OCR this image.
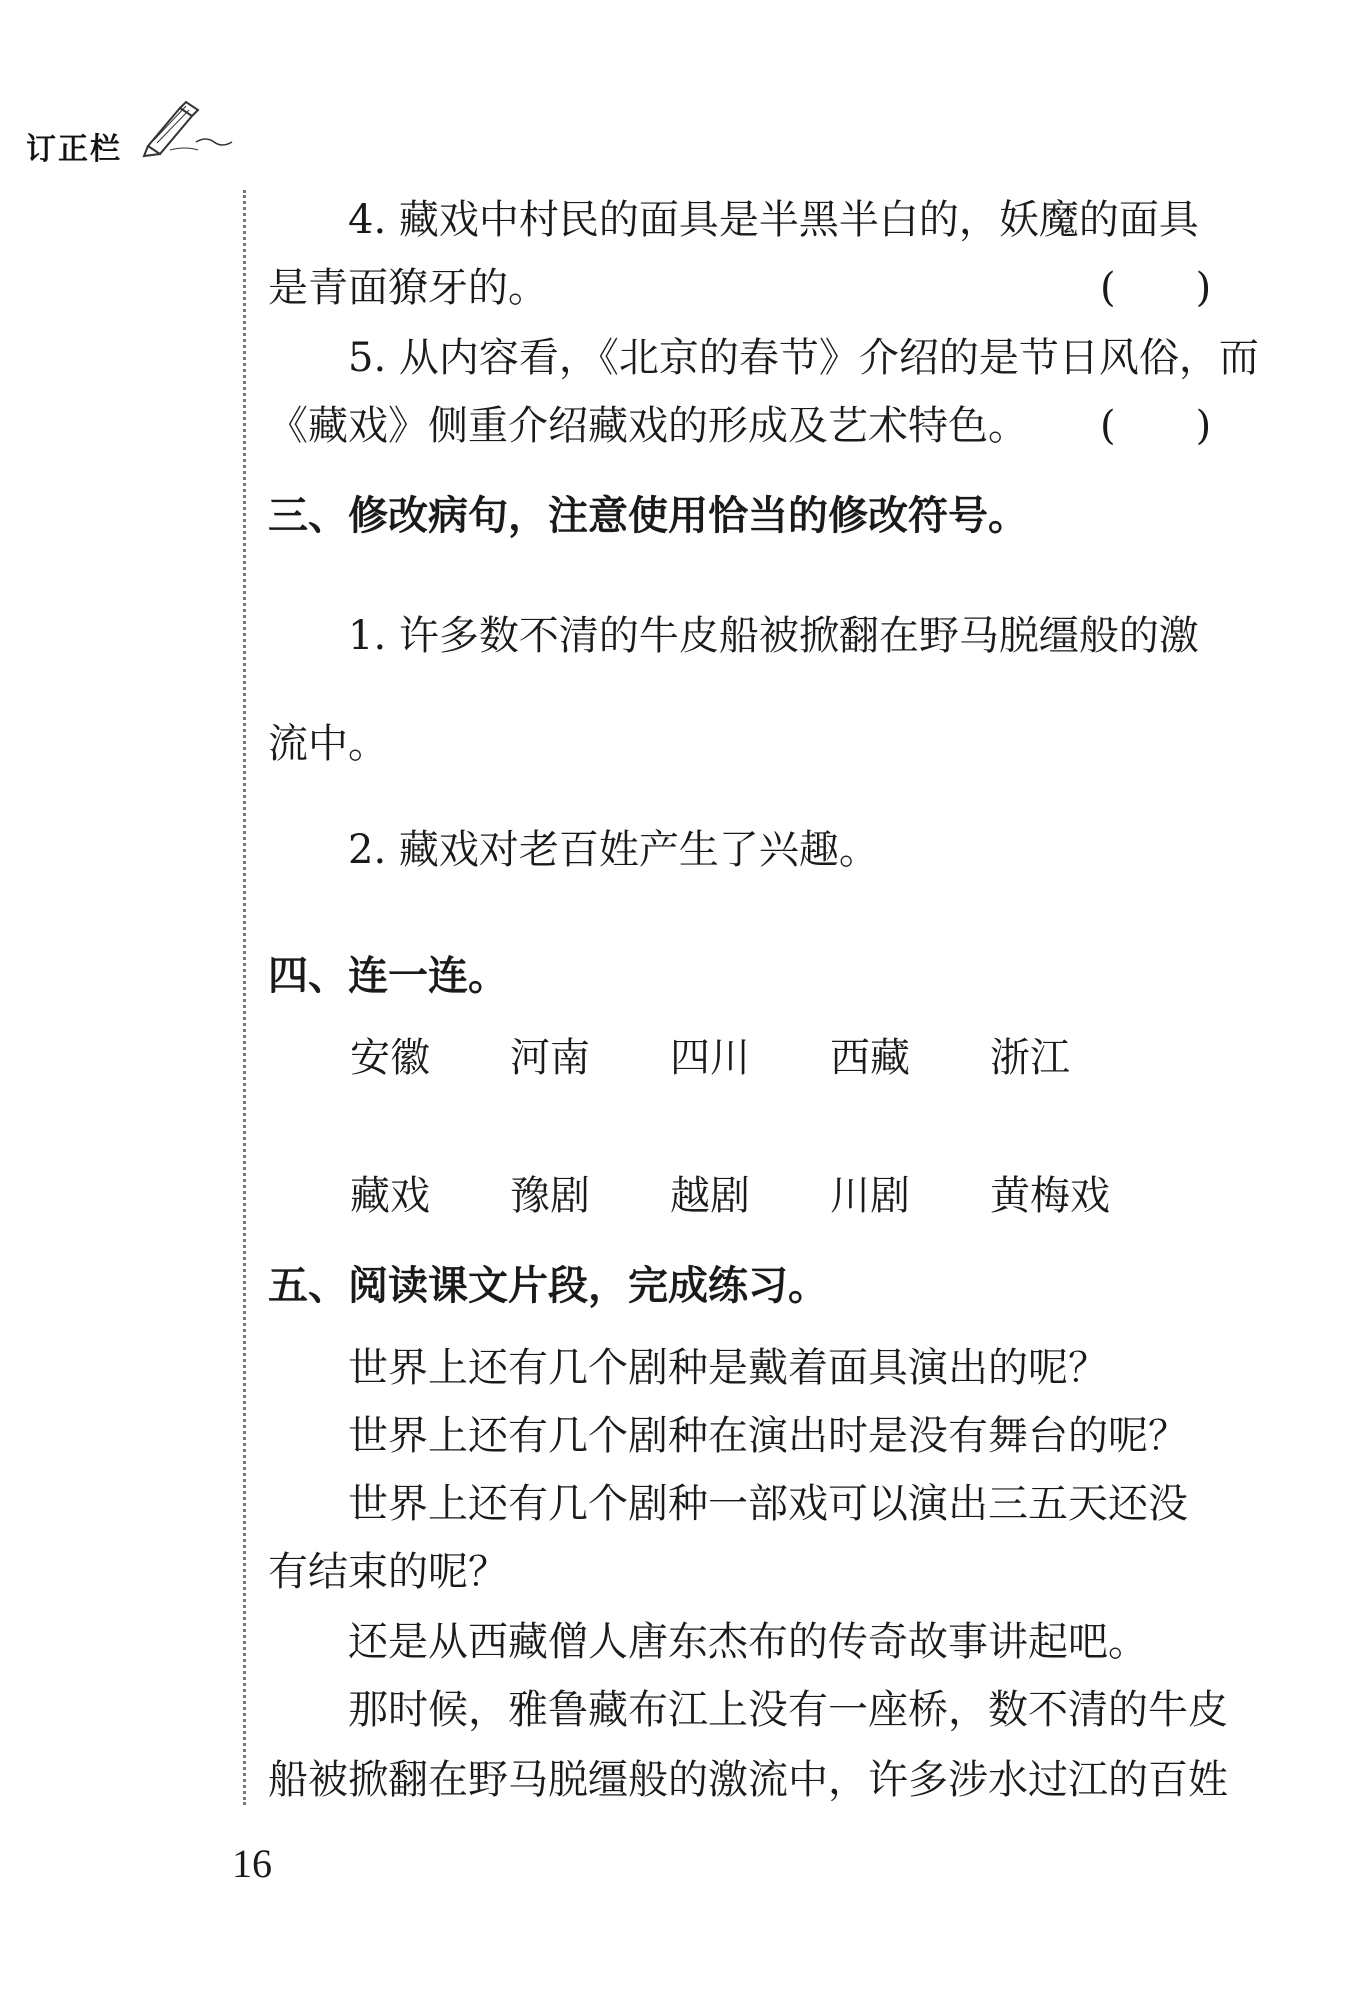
订正栏
4. 藏戏中村民的面具是半黑半白的，妖魔的面具
是青面獠牙的。	(　　)
5. 从内容看，《北京的春节》介绍的是节日风俗，而
《藏戏》侧重介绍藏戏的形成及艺术特色。 (　　)
三、修改病句，注意使用恰当的修改符号。
1. 许多数不清的牛皮船被掀翻在野马脱缰般的激
流中。
2. 藏戏对老百姓产生了兴趣。
四、连一连。
安徽 河南 四川 西藏 浙江
藏戏 豫剧 越剧 川剧 黄梅戏
五、阅读课文片段，完成练习。
世界上还有几个剧种是戴着面具演出的呢？
世界上还有几个剧种在演出时是没有舞台的呢？
世界上还有几个剧种一部戏可以演出三五天还没
有结束的呢？
还是从西藏僧人唐东杰布的传奇故事讲起吧。
那时候，雅鲁藏布江上没有一座桥，数不清的牛皮
船被掀翻在野马脱缰般的激流中，许多涉水过江的百姓
16
